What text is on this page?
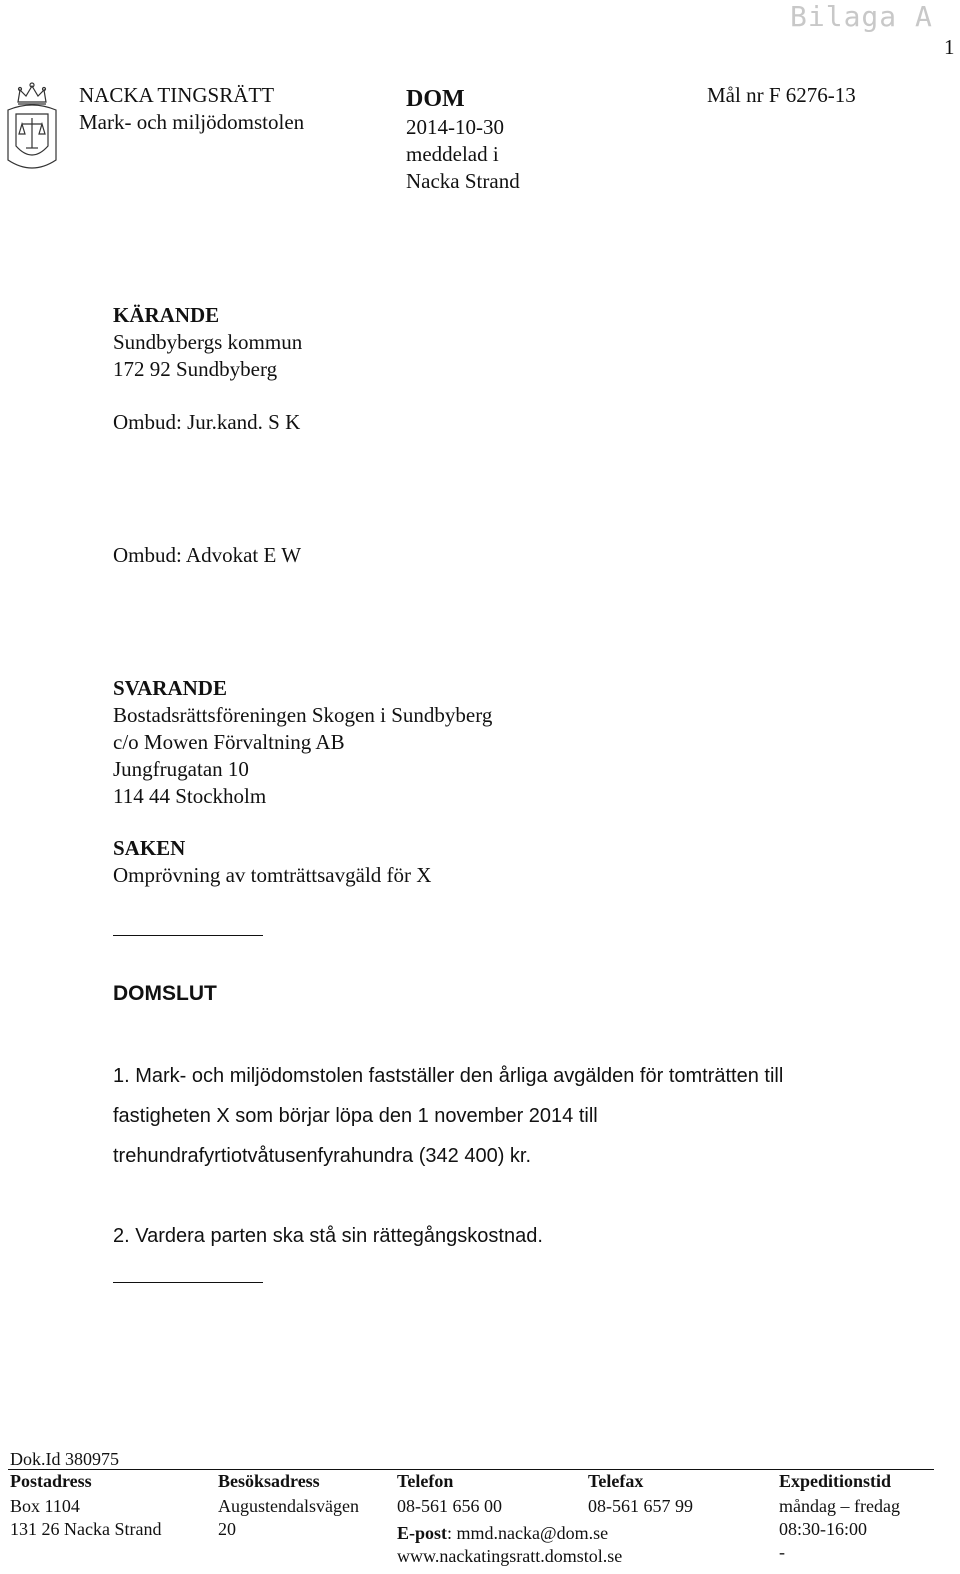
Bilaga A
1
NACKA TINGSRÄTT
Mark- och miljödomstolen
DOM
2014-10-30
meddelad i
Nacka Strand
Mål nr F 6276-13
KÄRANDE
Sundbybergs kommun
172 92 Sundbyberg
Ombud: Jur.kand. S K
Ombud: Advokat E W
SVARANDE
Bostadsrättsföreningen Skogen i Sundbyberg
c/o Mowen Förvaltning AB
Jungfrugatan 10
114 44 Stockholm
SAKEN
Omprövning av tomträttsavgäld för X
DOMSLUT
1. Mark- och miljödomstolen fastställer den årliga avgälden för tomträtten till
fastigheten X som börjar löpa den 1 november 2014 till
trehundrafyrtiotvåtusenfyrahundra (342 400) kr.
2. Vardera parten ska stå sin rättegångskostnad.
Dok.Id 380975
Postadress
Box 1104
131 26 Nacka Strand
Besöksadress
Augustendalsvägen
20
Telefon
08-561 656 00
E-post: mmd.nacka@dom.se
www.nackatingsratt.domstol.se
Telefax
08-561 657 99
Expeditionstid
måndag – fredag
08:30-16:00
-
